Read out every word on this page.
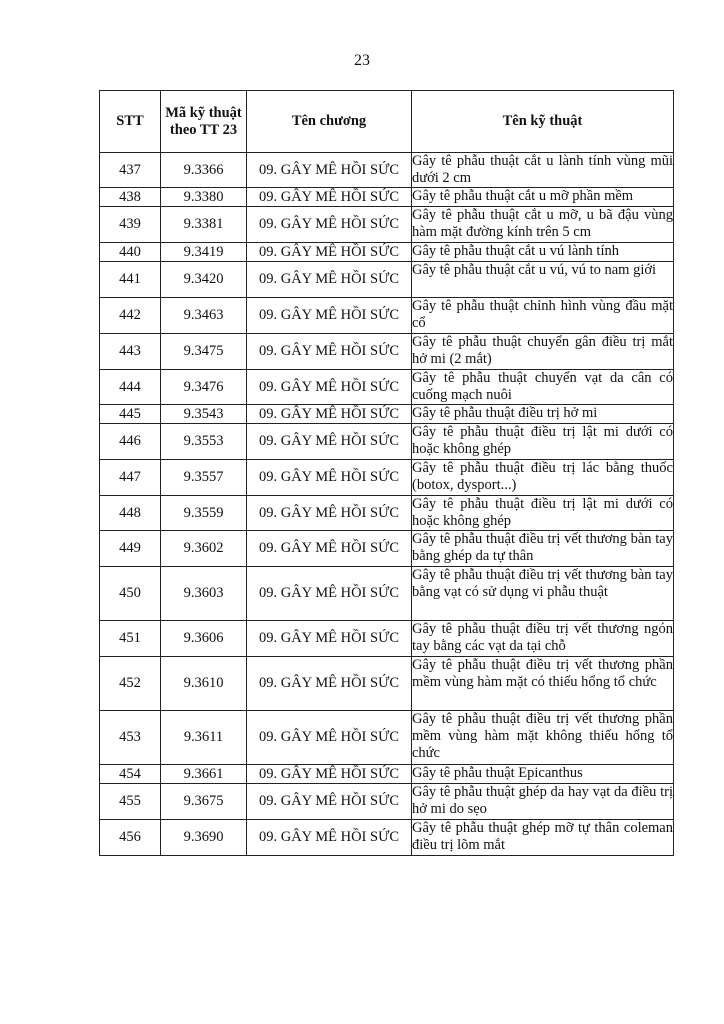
23
STT	Mã kỹ thuật theo TT 23	Tên chương	Tên kỹ thuật
437	9.3366	09. GÂY MÊ HỒI SỨC	Gây tê phẫu thuật cắt u lành tính vùng mũi dưới 2 cm
438	9.3380	09. GÂY MÊ HỒI SỨC	Gây tê phẫu thuật cắt u mỡ phần mềm
439	9.3381	09. GÂY MÊ HỒI SỨC	Gây tê phẫu thuật cắt u mỡ, u bã đậu vùng hàm mặt đường kính trên 5 cm
440	9.3419	09. GÂY MÊ HỒI SỨC	Gây tê phẫu thuật cắt u vú lành tính
441	9.3420	09. GÂY MÊ HỒI SỨC	Gây tê phẫu thuật cắt u vú, vú to nam giới
442	9.3463	09. GÂY MÊ HỒI SỨC	Gây tê phẫu thuật chỉnh hình vùng đầu mặt cổ
443	9.3475	09. GÂY MÊ HỒI SỨC	Gây tê phẫu thuật chuyển gân điều trị mắt hở mi (2 mắt)
444	9.3476	09. GÂY MÊ HỒI SỨC	Gây tê phẫu thuật chuyển vạt da cân có cuống mạch nuôi
445	9.3543	09. GÂY MÊ HỒI SỨC	Gây tê phẫu thuật điều trị hở mi
446	9.3553	09. GÂY MÊ HỒI SỨC	Gây tê phẫu thuật điều trị lật mi dưới có hoặc không ghép
447	9.3557	09. GÂY MÊ HỒI SỨC	Gây tê phẫu thuật điều trị lác bằng thuốc (botox, dysport...)
448	9.3559	09. GÂY MÊ HỒI SỨC	Gây tê phẫu thuật điều trị lật mi dưới có hoặc không ghép
449	9.3602	09. GÂY MÊ HỒI SỨC	Gây tê phẫu thuật điều trị vết thương bàn tay bằng ghép da tự thân
450	9.3603	09. GÂY MÊ HỒI SỨC	Gây tê phẫu thuật điều trị vết thương bàn tay bằng vạt có sử dụng vi phẫu thuật
451	9.3606	09. GÂY MÊ HỒI SỨC	Gây tê phẫu thuật điều trị vết thương ngón tay bằng các vạt da tại chỗ
452	9.3610	09. GÂY MÊ HỒI SỨC	Gây tê phẫu thuật điều trị vết thương phần mềm vùng hàm mặt có thiếu hổng tổ chức
453	9.3611	09. GÂY MÊ HỒI SỨC	Gây tê phẫu thuật điều trị vết thương phần mềm vùng hàm mặt không thiếu hổng tổ chức
454	9.3661	09. GÂY MÊ HỒI SỨC	Gây tê phẫu thuật Epicanthus
455	9.3675	09. GÂY MÊ HỒI SỨC	Gây tê phẫu thuật ghép da hay vạt da điều trị hở mi do sẹo
456	9.3690	09. GÂY MÊ HỒI SỨC	Gây tê phẫu thuật ghép mỡ tự thân coleman điều trị lõm mắt
